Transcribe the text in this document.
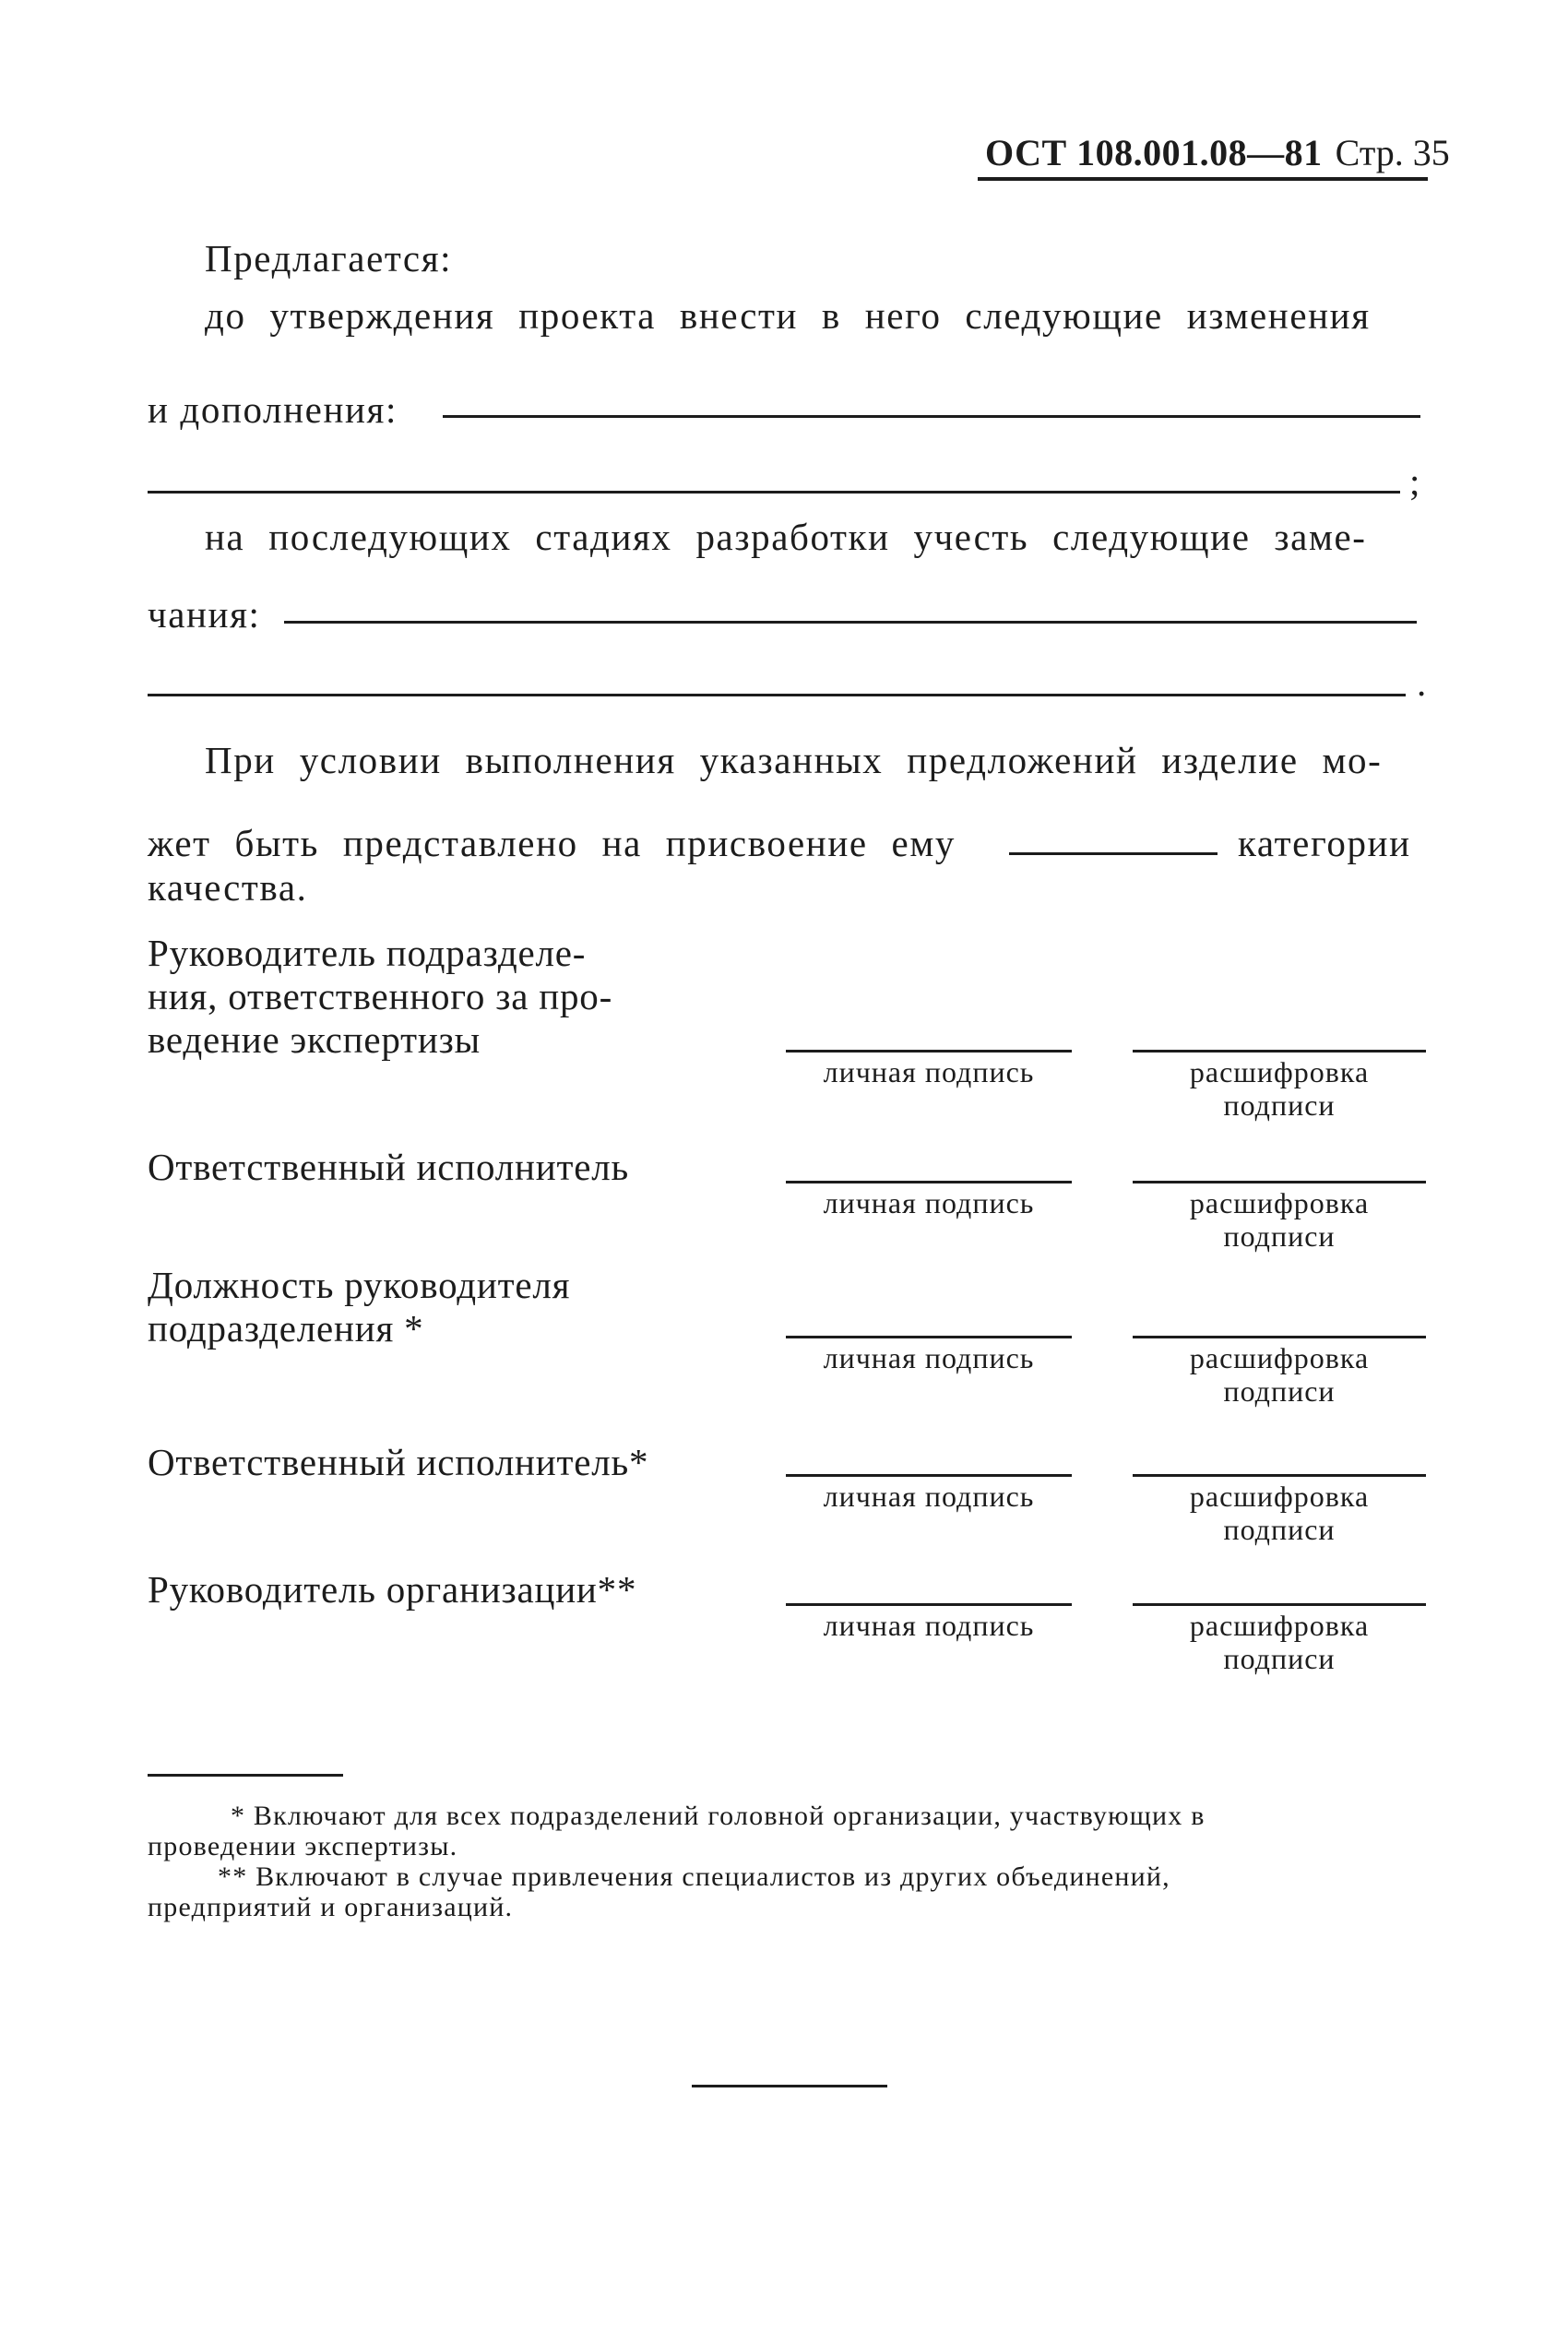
ОСТ 108.001.08—81 Стр. 35
Предлагается:
до утверждения проекта внести в него следующие изменения
и дополнения:
;
на последующих стадиях разработки учесть следующие заме-
чания:
.
При условии выполнения указанных предложений изделие мо-
жет быть представлено на присвоение ему	категории
качества.
Руководитель подразделе-
ния, ответственного за про-
ведение экспертизы
личная подпись	расшифровка
подписи
Ответственный исполнитель
личная подпись	расшифровка
подписи
Должность руководителя
подразделения *
личная подпись	расшифровка
подписи
Ответственный исполнитель*
личная подпись	расшифровка
подписи
Руководитель организации**
личная подпись	расшифровка
подписи
* Включают для всех подразделений головной организации, участвующих в
проведении экспертизы.
** Включают в случае привлечения специалистов из других объединений,
предприятий и организаций.
